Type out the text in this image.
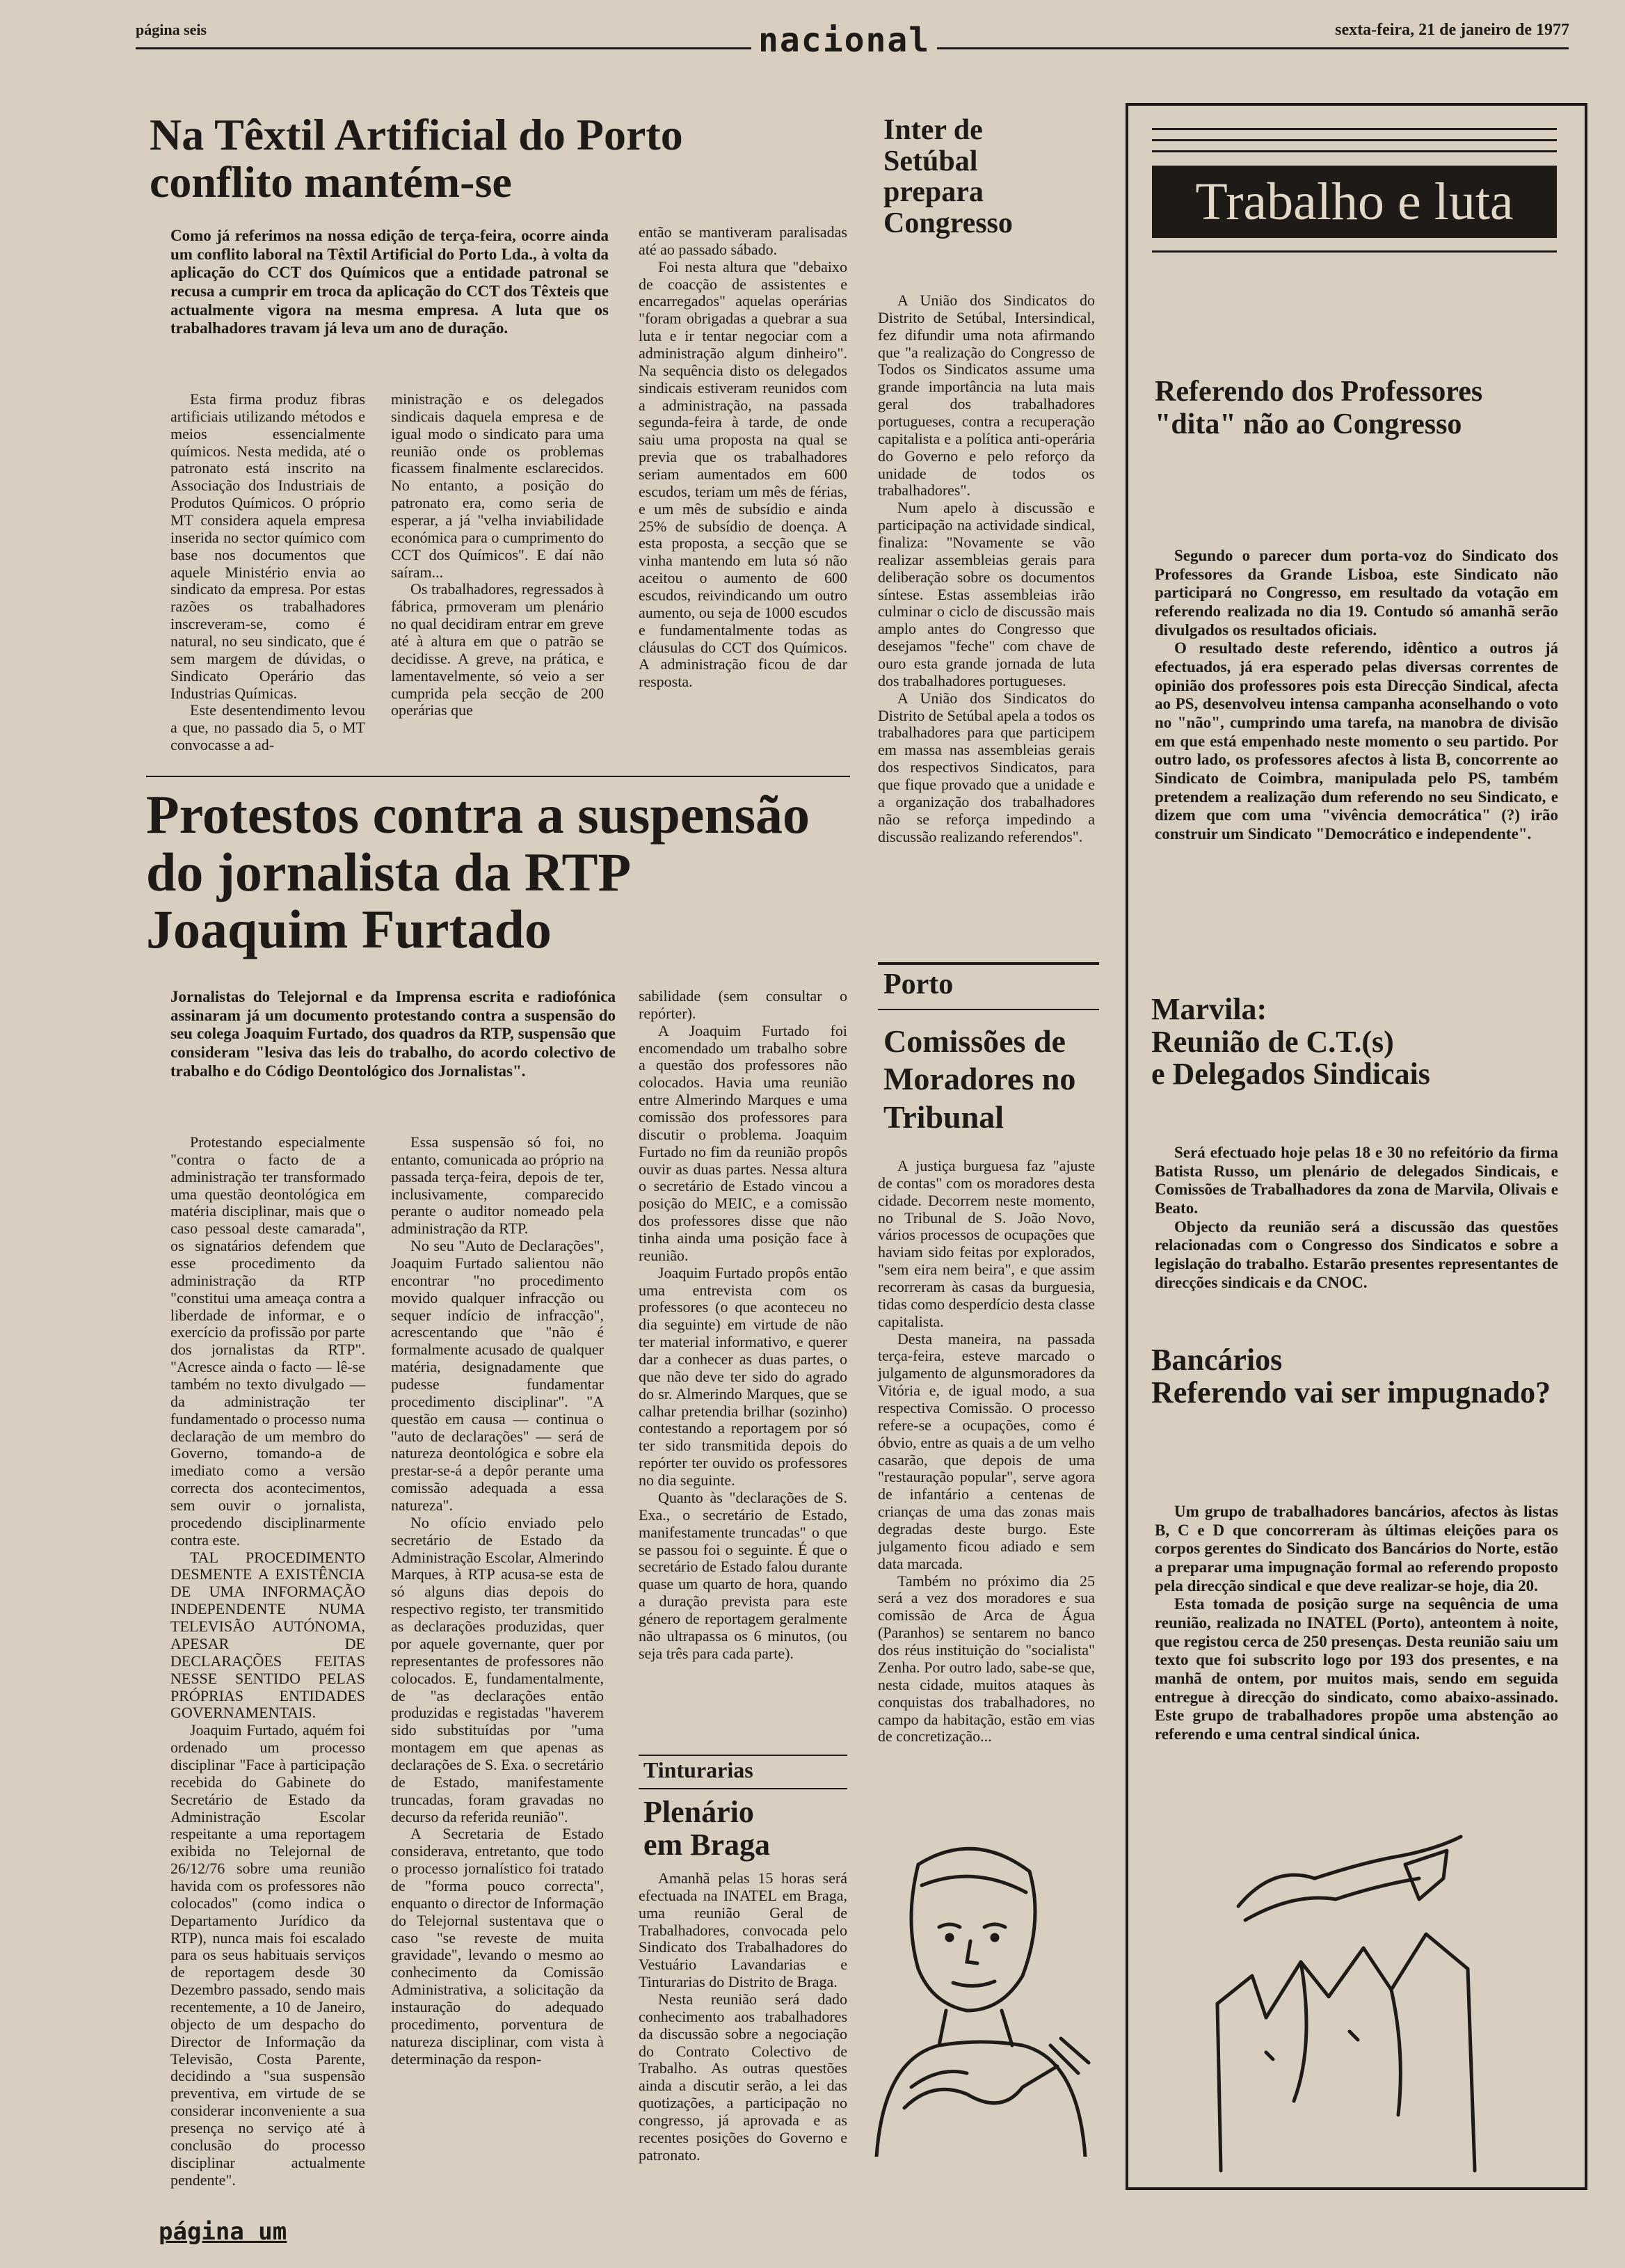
página seis	nacional	sexta-feira, 21 de janeiro de 1977
Na Têxtil Artificial do Porto
conflito mantém-se
Como já referimos na nossa edição de terça-feira, ocorre ainda um conflito laboral na Têxtil Artificial do Porto Lda., à volta da aplicação do CCT dos Químicos que a entidade patronal se recusa a cumprir em troca da aplicação do CCT dos Têxteis que actualmente vigora na mesma empresa. A luta que os trabalhadores travam já leva um ano de duração.

Esta firma produz fibras artificiais utilizando métodos e meios essencialmente químicos. Nesta medida, até o patronato está inscrito na Associação dos Industriais de Produtos Químicos. O próprio MT considera aquela empresa inserida no sector químico com base nos documentos que aquele Ministério envia ao sindicato da empresa. Por estas razões os trabalhadores inscreveram-se, como é natural, no seu sindicato, que é sem margem de dúvidas, o Sindicato Operário das Industrias Químicas.

Este desentendimento levou a que, no passado dia 5, o MT convocasse a ad-

ministração e os delegados sindicais daquela empresa e de igual modo o sindicato para uma reunião onde os problemas ficassem finalmente esclarecidos. No entanto, a posição do patronato era, como seria de esperar, a já "velha inviabilidade económica para o cumprimento do CCT dos Químicos". E daí não saíram...

Os trabalhadores, regressados à fábrica, prmoveram um plenário no qual decidiram entrar em greve até à altura em que o patrão se decidisse. A greve, na prática, e lamentavelmente, só veio a ser cumprida pela secção de 200 operárias que

então se mantiveram paralisadas até ao passado sábado.

Foi nesta altura que "debaixo de coacção de assistentes e encarregados" aquelas operárias "foram obrigadas a quebrar a sua luta e ir tentar negociar com a administração algum dinheiro". Na sequência disto os delegados sindicais estiveram reunidos com a administração, na passada segunda-feira à tarde, de onde saiu uma proposta na qual se previa que os trabalhadores seriam aumentados em 600 escudos, teriam um mês de férias, e um mês de subsídio e ainda 25% de subsídio de doença. A esta proposta, a secção que se vinha mantendo em luta só não aceitou o aumento de 600 escudos, reivindicando um outro aumento, ou seja de 1000 escudos e fundamentalmente todas as cláusulas do CCT dos Químicos. A administração ficou de dar resposta.

Protestos contra a suspensão
do jornalista da RTP
Joaquim Furtado
Jornalistas do Telejornal e da Imprensa escrita e radiofónica assinaram já um documento protestando contra a suspensão do seu colega Joaquim Furtado, dos quadros da RTP, suspensão que consideram "lesiva das leis do trabalho, do acordo colectivo de trabalho e do Código Deontológico dos Jornalistas".

Protestando especialmente "contra o facto de a administração ter transformado uma questão deontológica em matéria disciplinar, mais que o caso pessoal deste camarada", os signatários defendem que esse procedimento da administração da RTP "constitui uma ameaça contra a liberdade de informar, e o exercício da profissão por parte dos jornalistas da RTP". "Acresce ainda o facto — lê-se também no texto divulgado — da administração ter fundamentado o processo numa declaração de um membro do Governo, tomando-a de imediato como a versão correcta dos acontecimentos, sem ouvir o jornalista, procedendo disciplinarmente contra este.

TAL PROCEDIMENTO DESMENTE A EXISTÊNCIA DE UMA INFORMAÇÃO INDEPENDENTE NUMA TELEVISÃO AUTÓNOMA, APESAR DE DECLARAÇÕES FEITAS NESSE SENTIDO PELAS PRÓPRIAS ENTIDADES GOVERNAMENTAIS.

Joaquim Furtado, aquém foi ordenado um processo disciplinar "Face à participação recebida do Gabinete do Secretário de Estado da Administração Escolar respeitante a uma reportagem exibida no Telejornal de 26/12/76 sobre uma reunião havida com os professores não colocados" (como indica o Departamento Jurídico da RTP), nunca mais foi escalado para os seus habituais serviços de reportagem desde 30 Dezembro passado, sendo mais recentemente, a 10 de Janeiro, objecto de um despacho do Director de Informação da Televisão, Costa Parente, decidindo a "sua suspensão preventiva, em virtude de se considerar inconveniente a sua presença no serviço até à conclusão do processo disciplinar actualmente pendente".

Essa suspensão só foi, no entanto, comunicada ao próprio na passada terça-feira, depois de ter, inclusivamente, comparecido perante o auditor nomeado pela administração da RTP.

No seu "Auto de Declarações", Joaquim Furtado salientou não encontrar "no procedimento movido qualquer infracção ou sequer indício de infracção", acrescentando que "não é formalmente acusado de qualquer matéria, designadamente que pudesse fundamentar procedimento disciplinar". "A questão em causa — continua o "auto de declarações" — será de natureza deontológica e sobre ela prestar-se-á a depôr perante uma comissão adequada a essa natureza".

No ofício enviado pelo secretário de Estado da Administração Escolar, Almerindo Marques, à RTP acusa-se esta de só alguns dias depois do respectivo registo, ter transmitido as declarações produzidas, quer por aquele governante, quer por representantes de professores não colocados. E, fundamentalmente, de "as declarações então produzidas e registadas "haverem sido substituídas por "uma montagem em que apenas as declarações de S. Exa. o secretário de Estado, manifestamente truncadas, foram gravadas no decurso da referida reunião".

A Secretaria de Estado considerava, entretanto, que todo o processo jornalístico foi tratado de "forma pouco correcta", enquanto o director de Informação do Telejornal sustentava que o caso "se reveste de muita gravidade", levando o mesmo ao conhecimento da Comissão Administrativa, a solicitação da instauração do adequado procedimento, porventura de natureza disciplinar, com vista à determinação da respon-

sabilidade (sem consultar o repórter).

A Joaquim Furtado foi encomendado um trabalho sobre a questão dos professores não colocados. Havia uma reunião entre Almerindo Marques e uma comissão dos professores para discutir o problema. Joaquim Furtado no fim da reunião propôs ouvir as duas partes. Nessa altura o secretário de Estado vincou a posição do MEIC, e a comissão dos professores disse que não tinha ainda uma posição face à reunião.

Joaquim Furtado propôs então uma entrevista com os professores (o que aconteceu no dia seguinte) em virtude de não ter material informativo, e querer dar a conhecer as duas partes, o que não deve ter sido do agrado do sr. Almerindo Marques, que se calhar pretendia brilhar (sozinho) contestando a reportagem por só ter sido transmitida depois do repórter ter ouvido os professores no dia seguinte.

Quanto às "declarações de S. Exa., o secretário de Estado, manifestamente truncadas" o que se passou foi o seguinte. É que o secretário de Estado falou durante quase um quarto de hora, quando a duração prevista para este género de reportagem geralmente não ultrapassa os 6 minutos, (ou seja três para cada parte).

Tinturarias
Plenário
em Braga

Amanhã pelas 15 horas será efectuada na INATEL em Braga, uma reunião Geral de Trabalhadores, convocada pelo Sindicato dos Trabalhadores do Vestuário Lavandarias e Tinturarias do Distrito de Braga.

Nesta reunião será dado conhecimento aos trabalhadores da discussão sobre a negociação do Contrato Colectivo de Trabalho. As outras questões ainda a discutir serão, a lei das quotizações, a participação no congresso, já aprovada e as recentes posições do Governo e patronato.

Inter de Setúbal prepara Congresso

A União dos Sindicatos do Distrito de Setúbal, Intersindical, fez difundir uma nota afirmando que "a realização do Congresso de Todos os Sindicatos assume uma grande importância na luta mais geral dos trabalhadores portugueses, contra a recuperação capitalista e a política anti-operária do Governo e pelo reforço da unidade de todos os trabalhadores".

Num apelo à discussão e participação na actividade sindical, finaliza: "Novamente se vão realizar assembleias gerais para deliberação sobre os documentos síntese. Estas assembleias irão culminar o ciclo de discussão mais amplo antes do Congresso que desejamos "feche" com chave de ouro esta grande jornada de luta dos trabalhadores portugueses.

A União dos Sindicatos do Distrito de Setúbal apela a todos os trabalhadores para que participem em massa nas assembleias gerais dos respectivos Sindicatos, para que fique provado que a unidade e a organização dos trabalhadores não se reforça impedindo a discussão realizando referendos".

Porto
Comissões de Moradores no Tribunal

A justiça burguesa faz "ajuste de contas" com os moradores desta cidade. Decorrem neste momento, no Tribunal de S. João Novo, vários processos de ocupações que haviam sido feitas por explorados, "sem eira nem beira", e que assim recorreram às casas da burguesia, tidas como desperdício desta classe capitalista.

Desta maneira, na passada terça-feira, esteve marcado o julgamento de algunsmoradores da Vitória e, de igual modo, a sua respectiva Comissão. O processo refere-se a ocupações, como é óbvio, entre as quais a de um velho casarão, que depois de uma "restauração popular", serve agora de infantário a centenas de crianças de uma das zonas mais degradas deste burgo. Este julgamento ficou adiado e sem data marcada.

Também no próximo dia 25 será a vez dos moradores e sua comissão de Arca de Água (Paranhos) se sentarem no banco dos réus instituição do "socialista" Zenha. Por outro lado, sabe-se que, nesta cidade, muitos ataques às conquistas dos trabalhadores, no campo da habitação, estão em vias de concretização...

Trabalho e luta
Referendo dos Professores "dita" não ao Congresso

Segundo o parecer dum porta-voz do Sindicato dos Professores da Grande Lisboa, este Sindicato não participará no Congresso, em resultado da votação em referendo realizada no dia 19. Contudo só amanhã serão divulgados os resultados oficiais.

O resultado deste referendo, idêntico a outros já efectuados, já era esperado pelas diversas correntes de opinião dos professores pois esta Direcção Sindical, afecta ao PS, desenvolveu intensa campanha aconselhando o voto no "não", cumprindo uma tarefa, na manobra de divisão em que está empenhado neste momento o seu partido. Por outro lado, os professores afectos à lista B, concorrente ao Sindicato de Coimbra, manipulada pelo PS, também pretendem a realização dum referendo no seu Sindicato, e dizem que com uma "vivência democrática" (?) irão construir um Sindicato "Democrático e independente".

Marvila:
Reunião de C.T.(s)
e Delegados Sindicais

Será efectuado hoje pelas 18 e 30 no refeitório da firma Batista Russo, um plenário de delegados Sindicais, e Comissões de Trabalhadores da zona de Marvila, Olivais e Beato.

Objecto da reunião será a discussão das questões relacionadas com o Congresso dos Sindicatos e sobre a legislação do trabalho. Estarão presentes representantes de direcções sindicais e da CNOC.

Bancários
Referendo vai ser impugnado?

Um grupo de trabalhadores bancários, afectos às listas B, C e D que concorreram às últimas eleições para os corpos gerentes do Sindicato dos Bancários do Norte, estão a preparar uma impugnação formal ao referendo proposto pela direcção sindical e que deve realizar-se hoje, dia 20.

Esta tomada de posição surge na sequência de uma reunião, realizada no INATEL (Porto), anteontem à noite, que registou cerca de 250 presenças. Desta reunião saiu um texto que foi subscrito logo por 193 dos presentes, e na manhã de ontem, por muitos mais, sendo em seguida entregue à direcção do sindicato, como abaixo-assinado. Este grupo de trabalhadores propõe uma abstenção ao referendo e uma central sindical única.

página um
